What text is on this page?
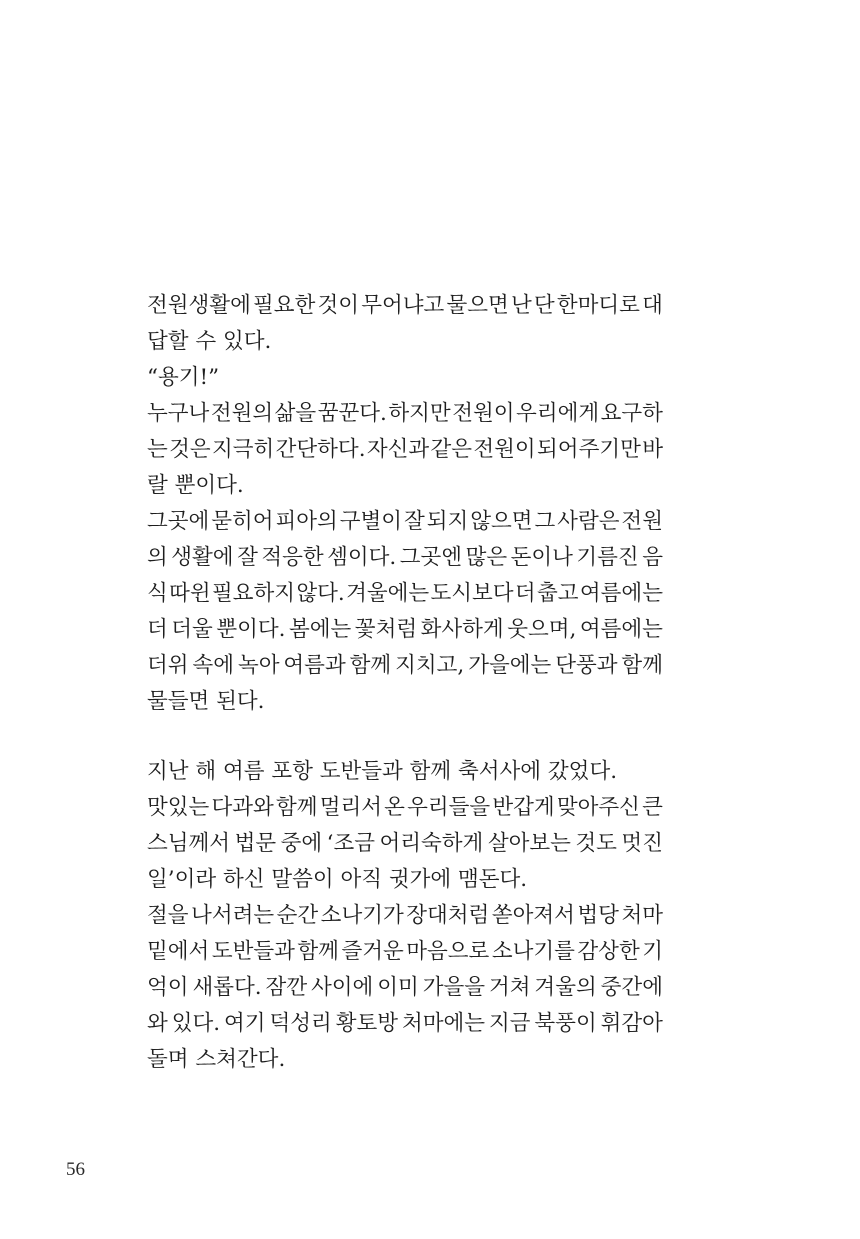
전원생활에 필요한 것이 무어냐고 물으면 난 단 한마디로 대
답할 수 있다.
“용기!”
누구나 전원의 삶을 꿈꾼다. 하지만 전원이 우리에게 요구하
는 것은 지극히 간단하다. 자신과 같은 전원이 되어주기만 바
랄 뿐이다.
그곳에 묻히어 피아의 구별이 잘 되지 않으면 그 사람은 전원
의 생활에 잘 적응한 셈이다. 그곳엔 많은 돈이나 기름진 음
식 따윈 필요하지 않다. 겨울에는 도시보다 더 춥고 여름에는
더 더울 뿐이다. 봄에는 꽃처럼 화사하게 웃으며, 여름에는
더위 속에 녹아 여름과 함께 지치고, 가을에는 단풍과 함께
물들면 된다.
지난 해 여름 포항 도반들과 함께 축서사에 갔었다.
맛있는 다과와 함께 멀리서 온 우리들을 반갑게 맞아주신 큰
스님께서 법문 중에 ‘조금 어리숙하게 살아보는 것도 멋진
일’이라 하신 말씀이 아직 귓가에 맴돈다.
절을 나서려는 순간 소나기가 장대처럼 쏟아져서 법당 처마
밑에서 도반들과 함께 즐거운 마음으로 소나기를 감상한 기
억이 새롭다. 잠깐 사이에 이미 가을을 거쳐 겨울의 중간에
와 있다. 여기 덕성리 황토방 처마에는 지금 북풍이 휘감아
돌며 스쳐간다.
56
